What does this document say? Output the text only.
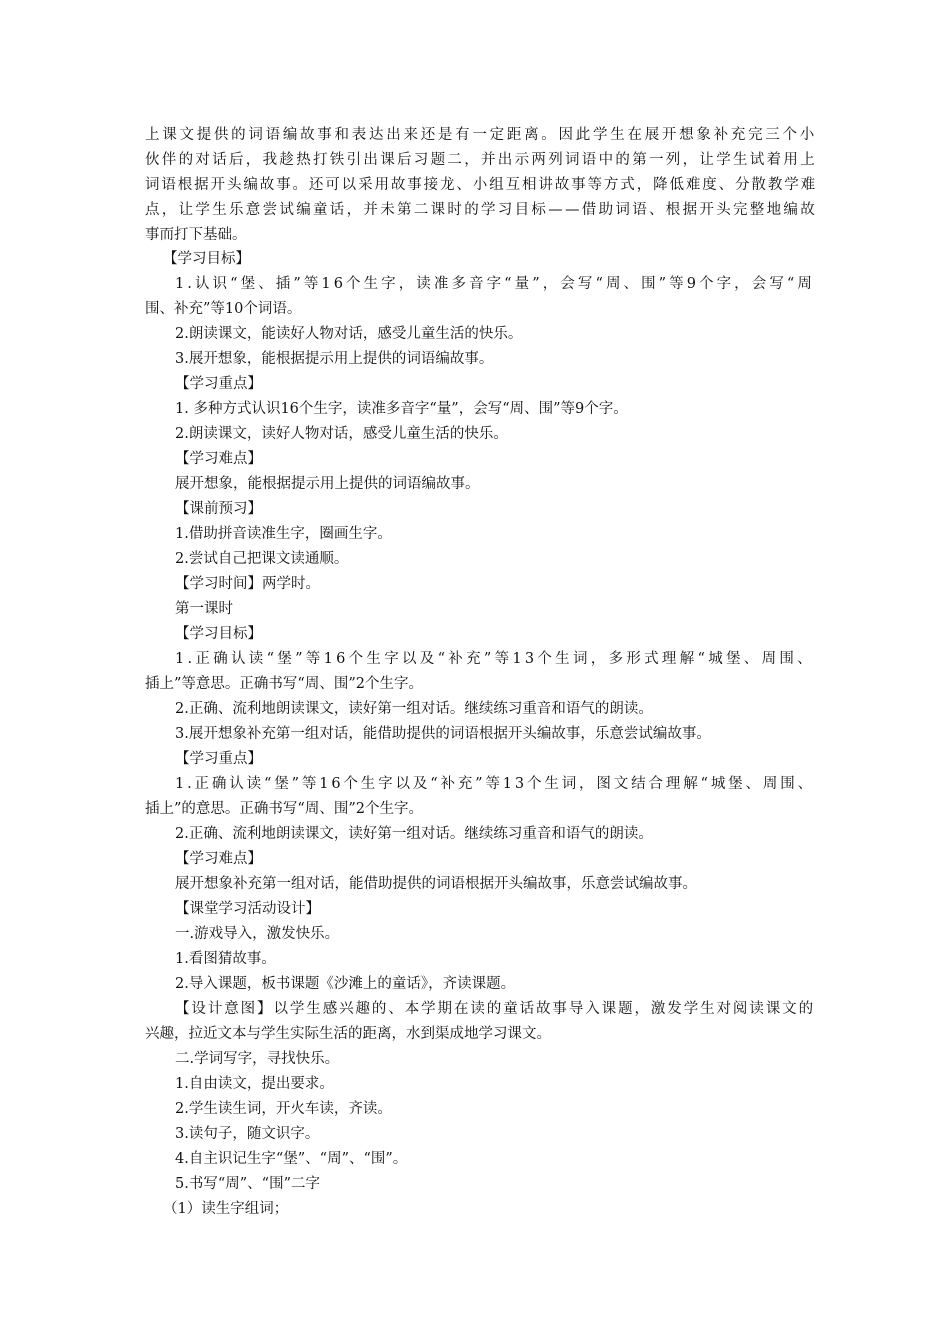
上课文提供的词语编故事和表达出来还是有一定距离。因此学生在展开想象补充完三个小
伙伴的对话后，我趁热打铁引出课后习题二，并出示两列词语中的第一列，让学生试着用上
词语根据开头编故事。还可以采用故事接龙、小组互相讲故事等方式，降低难度、分散教学难
点，让学生乐意尝试编童话，并未第二课时的学习目标——借助词语、根据开头完整地编故
事而打下基础。
【学习目标】
1.认识“堡、插”等16个生字，读准多音字“量”，会写“周、围”等9个字，会写“周
围、补充”等10个词语。
2.朗读课文，能读好人物对话，感受儿童生活的快乐。
3.展开想象，能根据提示用上提供的词语编故事。
【学习重点】
1. 多种方式认识16个生字，读准多音字“量”，会写“周、围”等9个字。
2.朗读课文，读好人物对话，感受儿童生活的快乐。
【学习难点】
展开想象，能根据提示用上提供的词语编故事。
【课前预习】
1.借助拼音读准生字，圈画生字。
2.尝试自己把课文读通顺。
【学习时间】两学时。
第一课时
【学习目标】
1.正确认读“堡”等16个生字以及“补充”等13个生词，多形式理解“城堡、周围、
插上”等意思。正确书写“周、围”2个生字。
2.正确、流利地朗读课文，读好第一组对话。继续练习重音和语气的朗读。
3.展开想象补充第一组对话，能借助提供的词语根据开头编故事，乐意尝试编故事。
【学习重点】
1.正确认读“堡”等16个生字以及“补充”等13个生词，图文结合理解“城堡、周围、
插上”的意思。正确书写“周、围”2个生字。
2.正确、流利地朗读课文，读好第一组对话。继续练习重音和语气的朗读。
【学习难点】
展开想象补充第一组对话，能借助提供的词语根据开头编故事，乐意尝试编故事。
【课堂学习活动设计】
一.游戏导入，激发快乐。
1.看图猜故事。
2.导入课题，板书课题《沙滩上的童话》，齐读课题。
【设计意图】以学生感兴趣的、本学期在读的童话故事导入课题，激发学生对阅读课文的
兴趣，拉近文本与学生实际生活的距离，水到渠成地学习课文。
二.学词写字，寻找快乐。
1.自由读文，提出要求。
2.学生读生词，开火车读，齐读。
3.读句子，随文识字。
4.自主识记生字“堡”、“周”、“围”。
5.书写“周”、“围”二字
（1）读生字组词；
